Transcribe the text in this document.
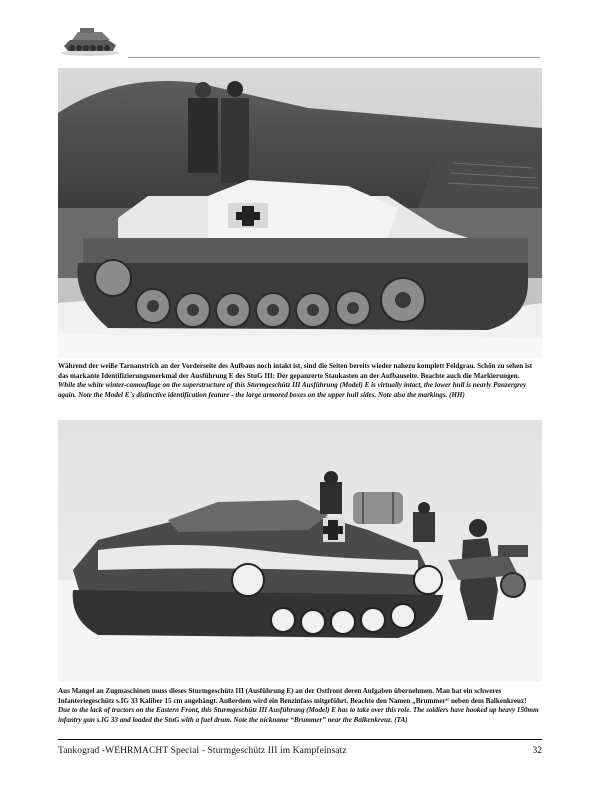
Während der weiße Tarnanstrich an der Vorderseite des Aufbaus noch intakt ist, sind die Seiten bereits wieder nahezu komplett Feldgrau. Schön zu sehen ist das markante Identifizierungsmerkmal der Ausführung E des StuG III: Der gepanzerte Staukasten an der Aufbauseite. Beachte auch die Markierungen.
While the white winter-camouflage on the superstructure of this Sturmgeschütz III Ausführung (Model) E is virtually intact, the lower hull is nearly Panzergrey again. Note the Model E´s distinctive identification feature - the large armored boxes on the upper hull sides. Note also the markings. (HH)
Aus Mangel an Zugmaschinen muss dieses Sturmgeschütz III (Ausführung E) an der Ostfront deren Aufgaben übernehmen. Man hat ein schweres Infanteriegeschütz s.IG 33 Kaliber 15 cm angehängt. Außerdem wird ein Benzinfass mitgeführt. Beachte den Namen „Brummer“ neben dem Balkenkreuz!
Due to the lack of tractors on the Eastern Front, this Sturmgeschütz III Ausführung (Model) E has to take over this role. The soldiers have hooked up heavy 150mm infantry gun s.IG 33 and loaded the StuG with a fuel drum. Note the nickname “Brummer” near the Balkenkreuz. (TA)
Tankograd -WEHRMACHT Special - Sturmgeschütz III im Kampfeinsatz	32
